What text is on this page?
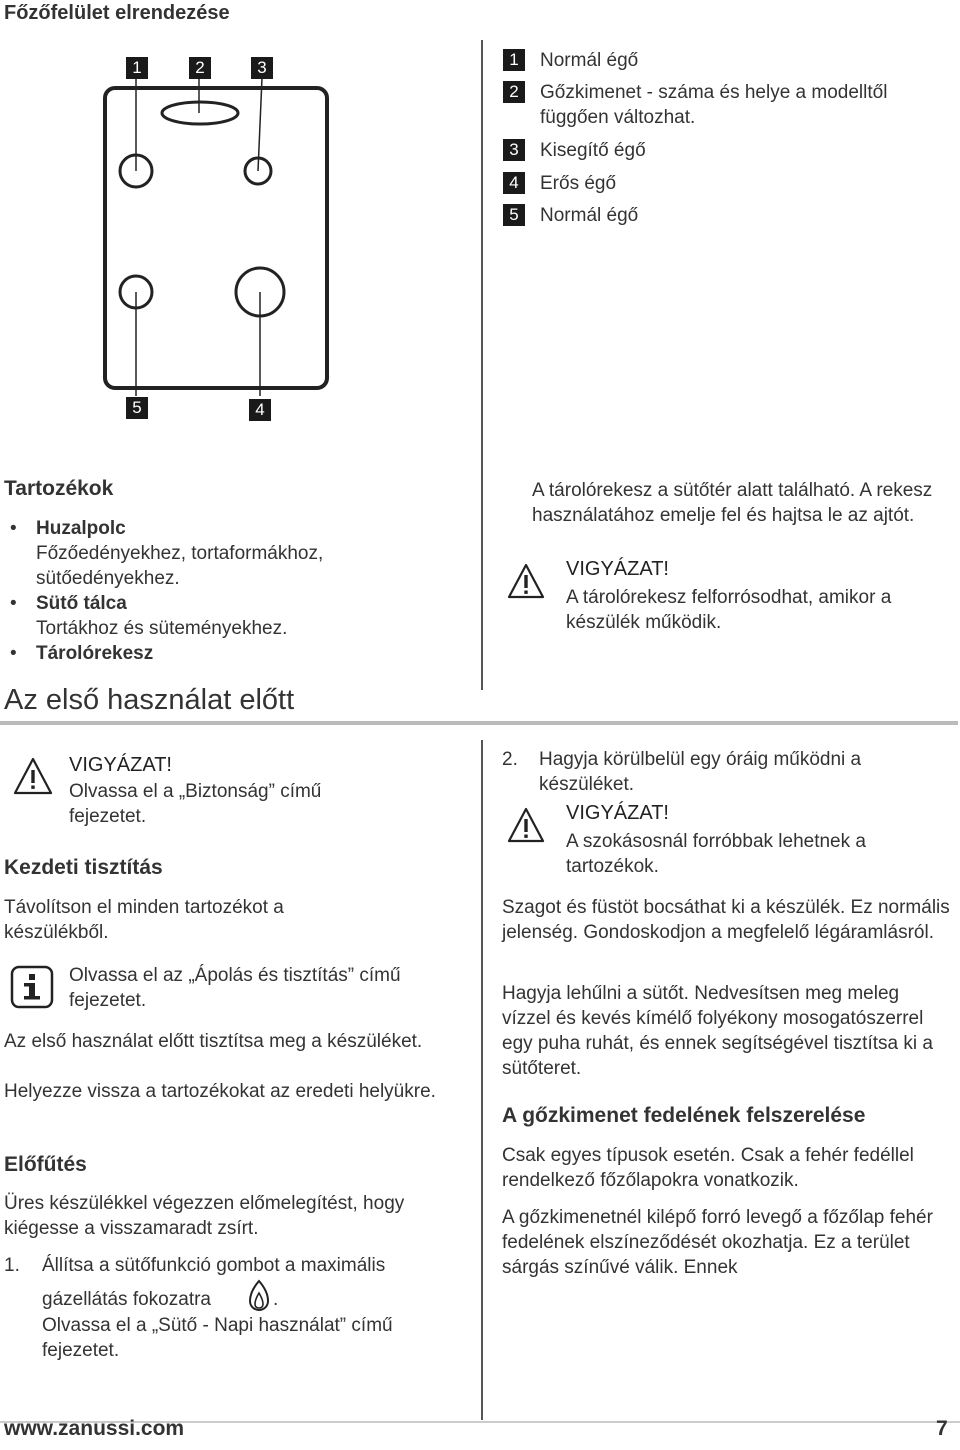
Főzőfelület elrendezése
1	2	3
5	4
1	Normál égő
2	Gőzkimenet - száma és helye a modelltől függően változhat.
3	Kisegítő égő
4	Erős égő
5	Normál égő
Tartozékok
• Huzalpolc
Főzőedényekhez, tortaformákhoz, sütőedényekhez.
• Sütő tálca
Tortákhoz és süteményekhez.
• Tárolórekesz
A tárolórekesz a sütőtér alatt található. A rekesz használatához emelje fel és hajtsa le az ajtót.
VIGYÁZAT!
A tárolórekesz felforrósodhat, amikor a készülék működik.
Az első használat előtt
VIGYÁZAT!
Olvassa el a „Biztonság” című fejezetet.
Kezdeti tisztítás
Távolítson el minden tartozékot a készülékből.
Olvassa el az „Ápolás és tisztítás” című fejezetet.
Az első használat előtt tisztítsa meg a készüléket.
Helyezze vissza a tartozékokat az eredeti helyükre.
Előfűtés
Üres készülékkel végezzen előmelegítést, hogy kiégesse a visszamaradt zsírt.
1. Állítsa a sütőfunkció gombot a maximális
gázellátás fokozatra	.
Olvassa el a „Sütő - Napi használat” című fejezetet.
2. Hagyja körülbelül egy óráig működni a készüléket.
VIGYÁZAT!
A szokásosnál forróbbak lehetnek a tartozékok.
Szagot és füstöt bocsáthat ki a készülék. Ez normális jelenség. Gondoskodjon a megfelelő légáramlásról.
Hagyja lehűlni a sütőt. Nedvesítsen meg meleg vízzel és kevés kímélő folyékony mosogatószerrel egy puha ruhát, és ennek segítségével tisztítsa ki a sütőteret.
A gőzkimenet fedelének felszerelése
Csak egyes típusok esetén. Csak a fehér fedéllel rendelkező főzőlapokra vonatkozik.
A gőzkimenetnél kilépő forró levegő a főzőlap fehér fedelének elszíneződését okozhatja. Ez a terület sárgás színűvé válik. Ennek
www.zanussi.com	7
